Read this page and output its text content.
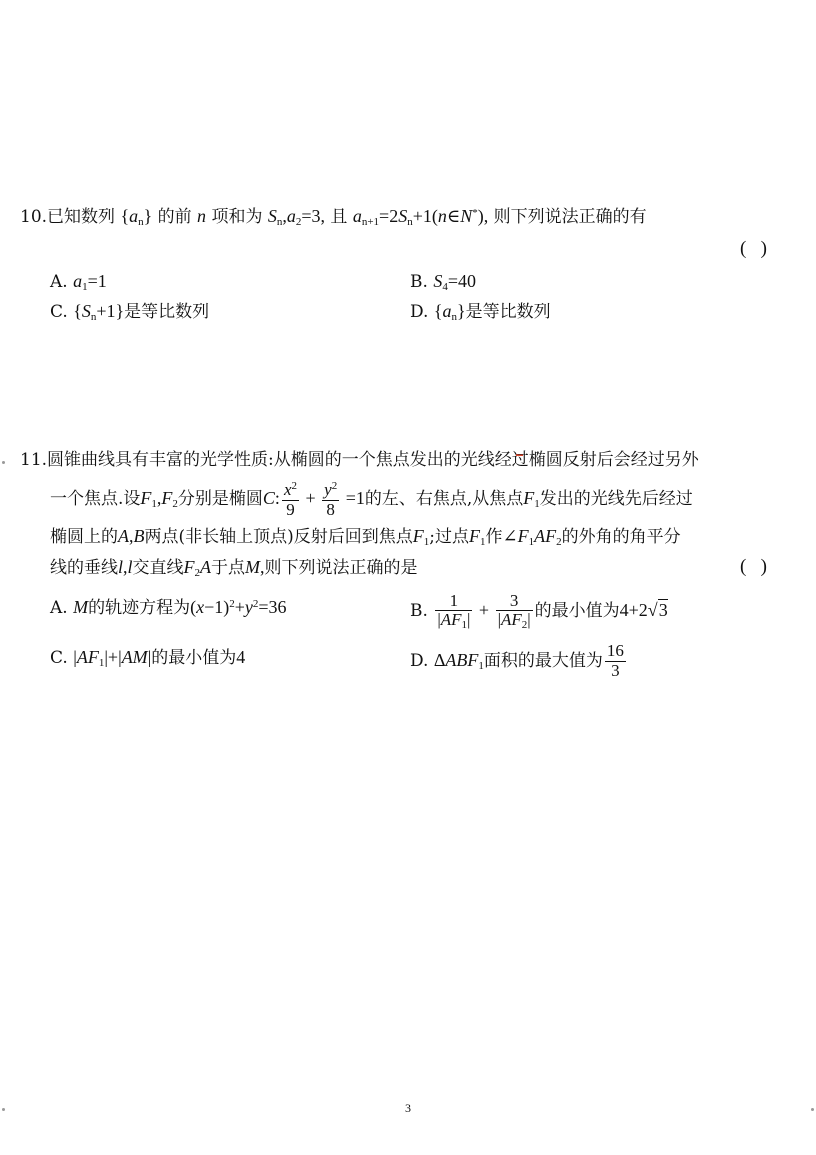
10.已知数列 $\{a_n\}$ 的前 n 项和为 $S_n,a_2=3$, 且 $a_{n+1}=2S_n+1(n\in N^*)$, 则下列说法正确的有
(   )
A. $a_1=1$	B. $S_4=40$
C. $\{S_n+1\}$是等比数列	D. $\{a_n\}$是等比数列
11.圆锥曲线具有丰富的光学性质:从椭圆的一个焦点发出的光线经过椭圆反射后会经过另外
一个焦点.设$F_1,F_2$分别是椭圆C: $\frac{x^2}{9} + \frac{y^2}{8} =1$的左、右焦点,从焦点$F_1$发出的光线先后经过
椭圆上的A,B两点(非长轴上顶点)反射后回到焦点$F_1$;过点$F_1$作$\angle F_1AF_2$的外角的角平分
线的垂线l,l交直线$F_2A$于点M,则下列说法正确的是	(   )
A. M的轨迹方程为$(x-1)^2+y^2=36$	B. $\frac{1}{|AF_1|} + \frac{3}{|AF_2|}$ 的最小值为4+2√3
C. $|AF_1|+|AM|$的最小值为4	D. $\Delta ABF_1$面积的最大值为 $\frac{16}{3}$
3
